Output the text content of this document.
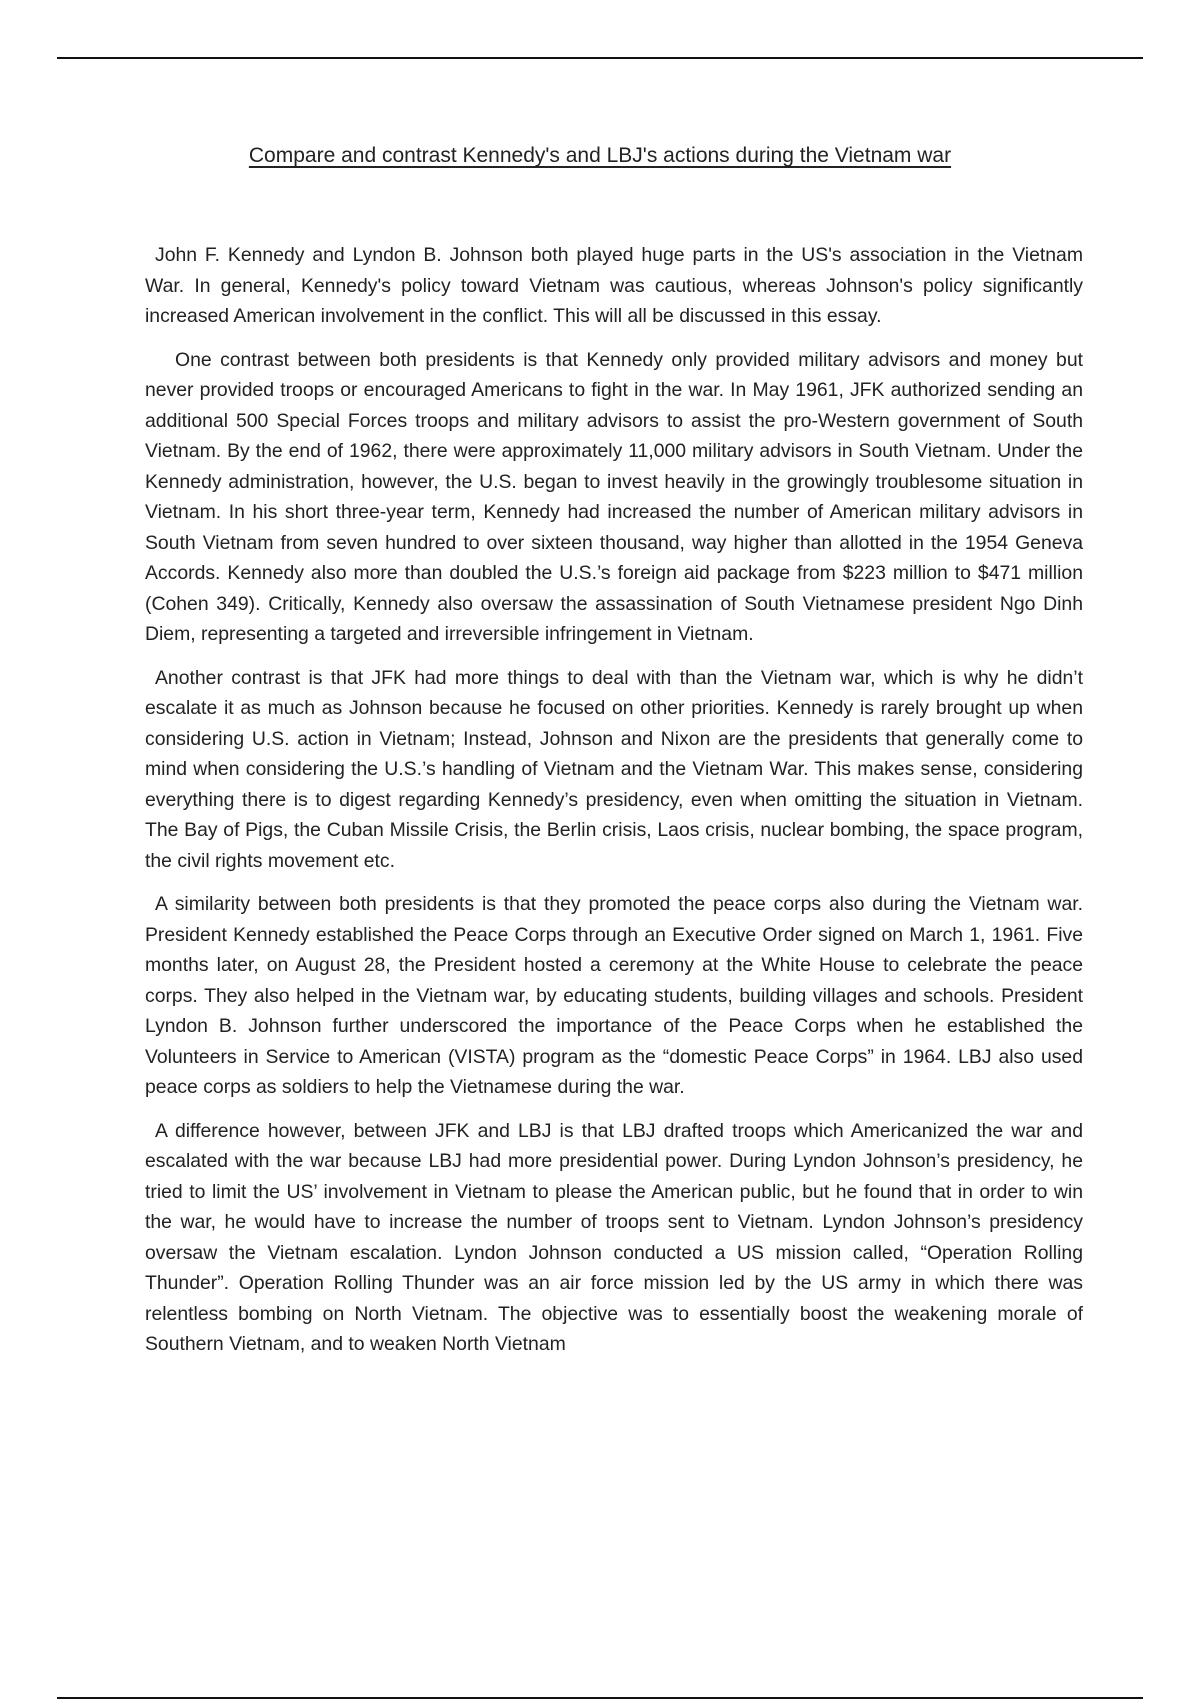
Compare and contrast Kennedy's and LBJ's actions during the Vietnam war

John F. Kennedy and Lyndon B. Johnson both played huge parts in the US's association in the Vietnam War. In general, Kennedy's policy toward Vietnam was cautious, whereas Johnson's policy significantly increased American involvement in the conflict. This will all be discussed in this essay.

One contrast between both presidents is that Kennedy only provided military advisors and money but never provided troops or encouraged Americans to fight in the war. In May 1961, JFK authorized sending an additional 500 Special Forces troops and military advisors to assist the pro-Western government of South Vietnam. By the end of 1962, there were approximately 11,000 military advisors in South Vietnam. Under the Kennedy administration, however, the U.S. began to invest heavily in the growingly troublesome situation in Vietnam. In his short three-year term, Kennedy had increased the number of American military advisors in South Vietnam from seven hundred to over sixteen thousand, way higher than allotted in the 1954 Geneva Accords. Kennedy also more than doubled the U.S.’s foreign aid package from $223 million to $471 million (Cohen 349). Critically, Kennedy also oversaw the assassination of South Vietnamese president Ngo Dinh Diem, representing a targeted and irreversible infringement in Vietnam.

Another contrast is that JFK had more things to deal with than the Vietnam war, which is why he didn’t escalate it as much as Johnson because he focused on other priorities. Kennedy is rarely brought up when considering U.S. action in Vietnam; Instead, Johnson and Nixon are the presidents that generally come to mind when considering the U.S.’s handling of Vietnam and the Vietnam War. This makes sense, considering everything there is to digest regarding Kennedy’s presidency, even when omitting the situation in Vietnam. The Bay of Pigs, the Cuban Missile Crisis, the Berlin crisis, Laos crisis, nuclear bombing, the space program, the civil rights movement etc.

A similarity between both presidents is that they promoted the peace corps also during the Vietnam war. President Kennedy established the Peace Corps through an Executive Order signed on March 1, 1961. Five months later, on August 28, the President hosted a ceremony at the White House to celebrate the peace corps. They also helped in the Vietnam war, by educating students, building villages and schools. President Lyndon B. Johnson further underscored the importance of the Peace Corps when he established the Volunteers in Service to American (VISTA) program as the “domestic Peace Corps” in 1964. LBJ also used peace corps as soldiers to help the Vietnamese during the war.

A difference however, between JFK and LBJ is that LBJ drafted troops which Americanized the war and escalated with the war because LBJ had more presidential power. During Lyndon Johnson’s presidency, he tried to limit the US’ involvement in Vietnam to please the American public, but he found that in order to win the war, he would have to increase the number of troops sent to Vietnam. Lyndon Johnson’s presidency oversaw the Vietnam escalation. Lyndon Johnson conducted a US mission called, “Operation Rolling Thunder”. Operation Rolling Thunder was an air force mission led by the US army in which there was relentless bombing on North Vietnam. The objective was to essentially boost the weakening morale of Southern Vietnam, and to weaken North Vietnam
